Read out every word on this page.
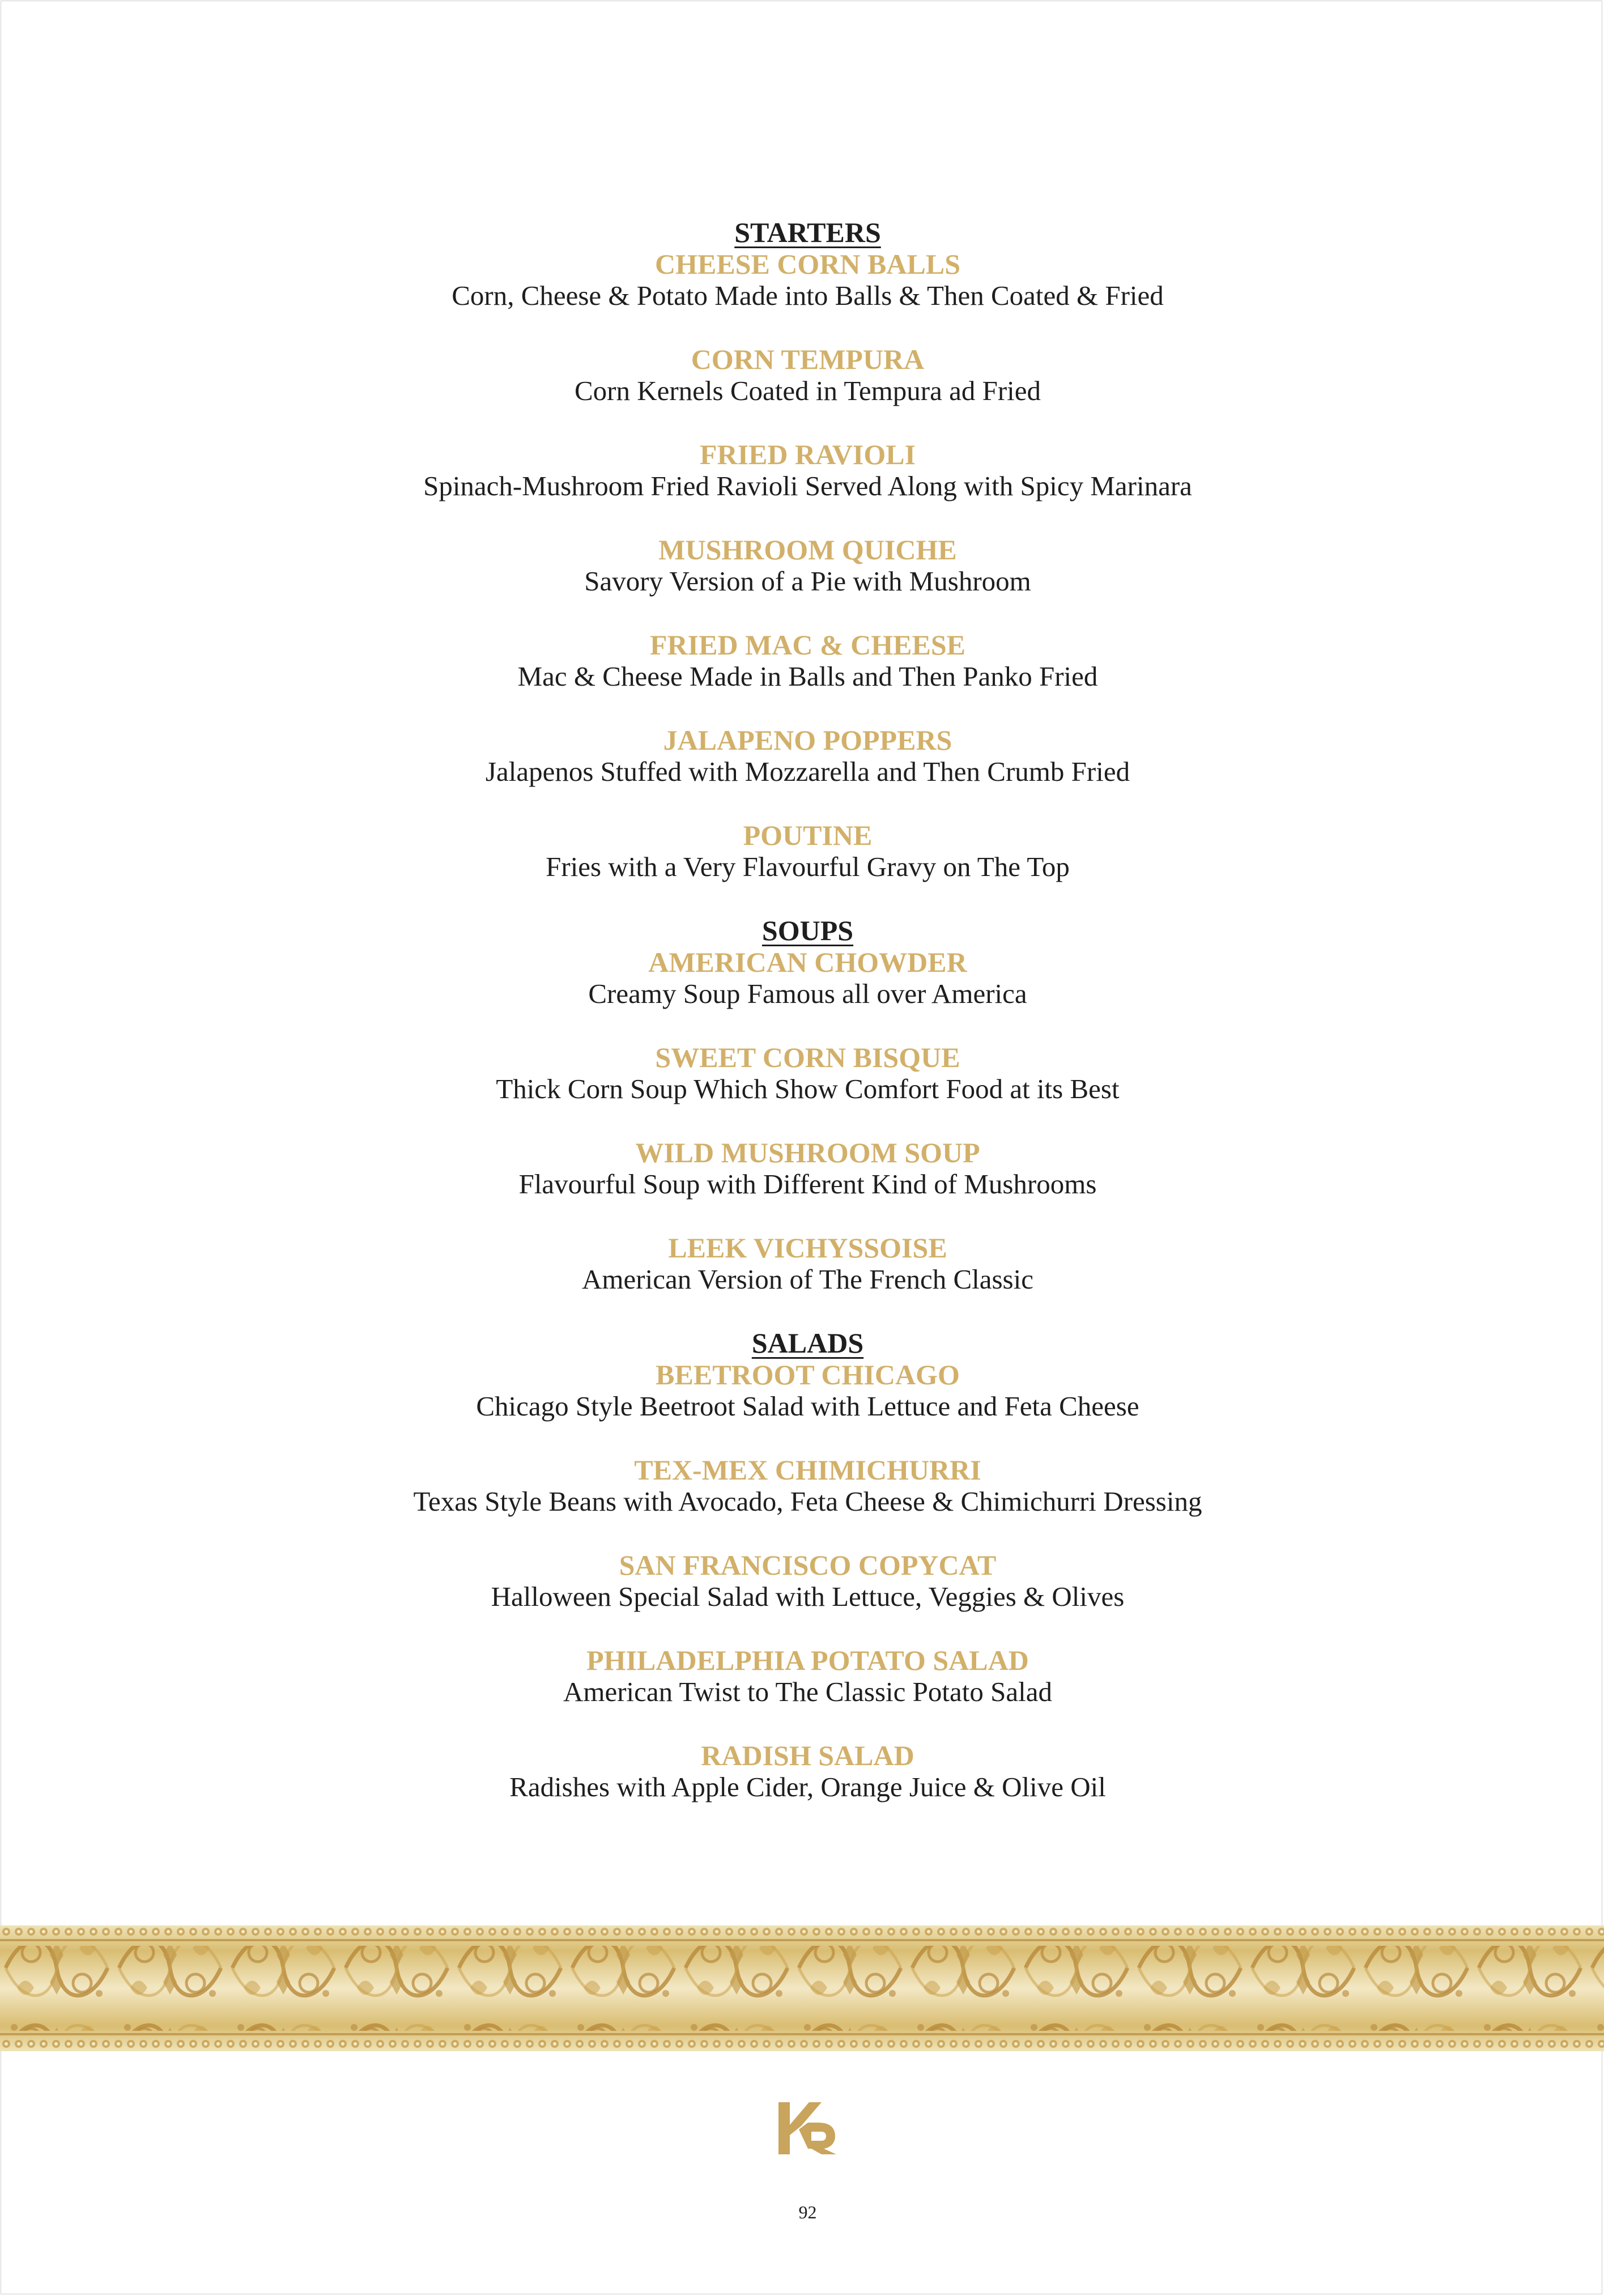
STARTERS
CHEESE CORN BALLS
Corn, Cheese & Potato Made into Balls & Then Coated & Fried
CORN TEMPURA
Corn Kernels Coated in Tempura ad Fried
FRIED RAVIOLI
Spinach-Mushroom Fried Ravioli Served Along with Spicy Marinara
MUSHROOM QUICHE
Savory Version of a Pie with Mushroom
FRIED MAC & CHEESE
Mac & Cheese Made in Balls and Then Panko Fried
JALAPENO POPPERS
Jalapenos Stuffed with Mozzarella and Then Crumb Fried
POUTINE
Fries with a Very Flavourful Gravy on The Top
SOUPS
AMERICAN CHOWDER
Creamy Soup Famous all over America
SWEET CORN BISQUE
Thick Corn Soup Which Show Comfort Food at its Best
WILD MUSHROOM SOUP
Flavourful Soup with Different Kind of Mushrooms
LEEK VICHYSSOISE
American Version of The French Classic
SALADS
BEETROOT CHICAGO
Chicago Style Beetroot Salad with Lettuce and Feta Cheese
TEX-MEX CHIMICHURRI
Texas Style Beans with Avocado, Feta Cheese & Chimichurri Dressing
SAN FRANCISCO COPYCAT
Halloween Special Salad with Lettuce, Veggies & Olives
PHILADELPHIA POTATO SALAD
American Twist to The Classic Potato Salad
RADISH SALAD
Radishes with Apple Cider, Orange Juice & Olive Oil
92
